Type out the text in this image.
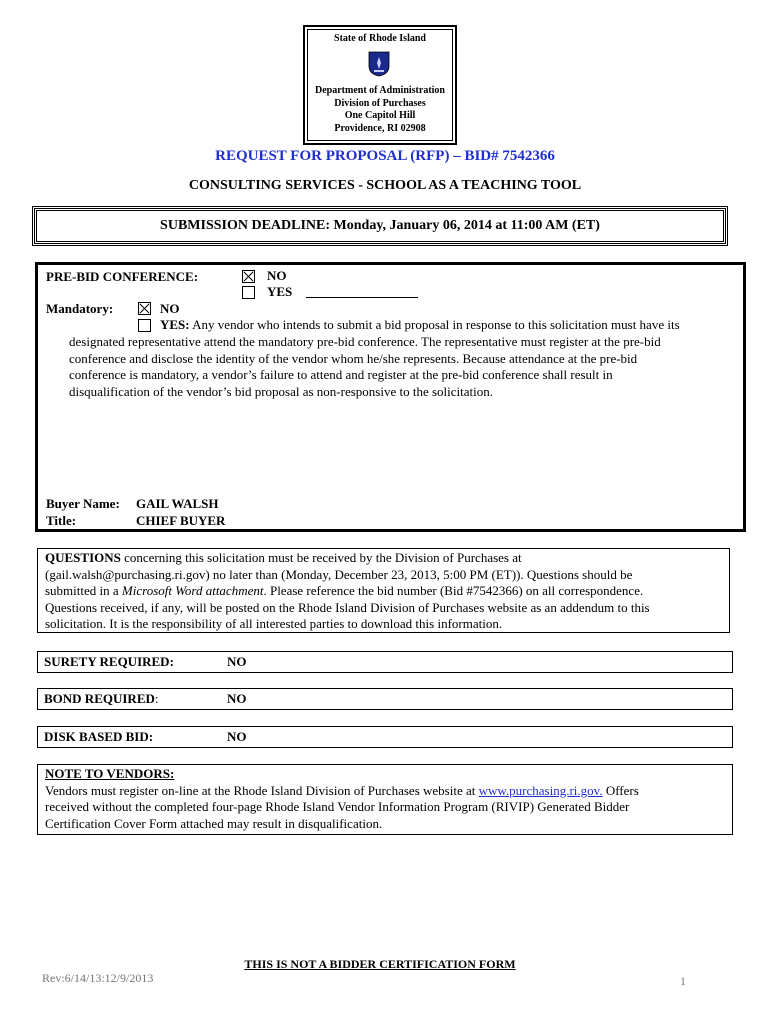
State of Rhode Island
Department of Administration
Division of Purchases
One Capitol Hill
Providence, RI 02908
REQUEST FOR PROPOSAL (RFP) – BID# 7542366
CONSULTING SERVICES - SCHOOL AS A TEACHING TOOL
SUBMISSION DEADLINE: Monday, January 06, 2014 at 11:00 AM (ET)
PRE-BID CONFERENCE:	NO
YES
Mandatory:	NO
YES: Any vendor who intends to submit a bid proposal in response to this solicitation must have its
designated representative attend the mandatory pre-bid conference. The representative must register at the pre-bid
conference and disclose the identity of the vendor whom he/she represents. Because attendance at the pre-bid
conference is mandatory, a vendor’s failure to attend and register at the pre-bid conference shall result in
disqualification of the vendor’s bid proposal as non-responsive to the solicitation.
Buyer Name: GAIL WALSH
Title:	CHIEF BUYER
QUESTIONS concerning this solicitation must be received by the Division of Purchases at
(gail.walsh@purchasing.ri.gov) no later than (Monday, December 23, 2013, 5:00 PM (ET)). Questions should be
submitted in a Microsoft Word attachment. Please reference the bid number (Bid #7542366) on all correspondence.
Questions received, if any, will be posted on the Rhode Island Division of Purchases website as an addendum to this
solicitation. It is the responsibility of all interested parties to download this information.
SURETY REQUIRED:	NO
BOND REQUIRED:	NO
DISK BASED BID:	NO
NOTE TO VENDORS:
Vendors must register on-line at the Rhode Island Division of Purchases website at www.purchasing.ri.gov. Offers
received without the completed four-page Rhode Island Vendor Information Program (RIVIP) Generated Bidder
Certification Cover Form attached may result in disqualification.
THIS IS NOT A BIDDER CERTIFICATION FORM
Rev:6/14/13:12/9/2013	1
